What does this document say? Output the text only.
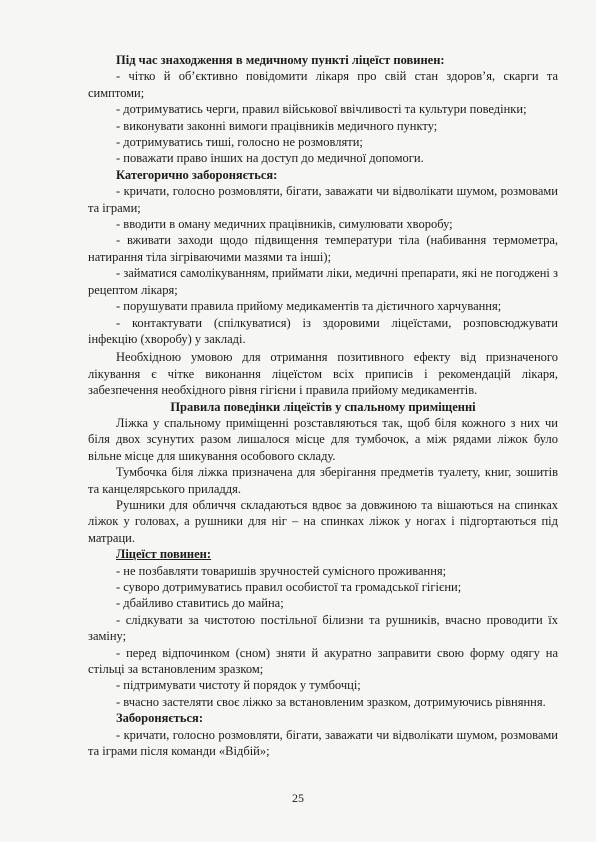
Під час знаходження в медичному пункті ліцеїст повинен:

- чітко й об’єктивно повідомити лікаря про свій стан здоров’я, скарги та симптоми;

- дотримуватись черги, правил військової ввічливості та культури поведінки;

- виконувати законні вимоги працівників медичного пункту;

- дотримуватись тиші, голосно не розмовляти;

- поважати право інших на доступ до медичної допомоги.

Категорично забороняється:

- кричати, голосно розмовляти, бігати, заважати чи відволікати шумом, розмовами та іграми;

- вводити в оману медичних працівників, симулювати хворобу;

- вживати заходи щодо підвищення температури тіла (набивання термометра, натирання тіла зігріваючими мазями та інші);

- займатися самолікуванням, приймати ліки, медичні препарати, які не погоджені з рецептом лікаря;

- порушувати правила прийому медикаментів та дієтичного харчування;

- контактувати (спілкуватися) із здоровими ліцеїстами, розповсюджувати інфекцію (хворобу) у закладі.

Необхідною умовою для отримання позитивного ефекту від призначеного лікування є чітке виконання ліцеїстом всіх приписів і рекомендацій лікаря, забезпечення необхідного рівня гігієни і правила прийому медикаментів.

Правила поведінки ліцеїстів у спальному приміщенні

Ліжка у спальному приміщенні розставляються так, щоб біля кожного з них чи біля двох зсунутих разом лишалося місце для тумбочок, а між рядами ліжок було вільне місце для шикування особового складу.

Тумбочка біля ліжка призначена для зберігання предметів туалету, книг, зошитів та канцелярського приладдя.

Рушники для обличчя складаються вдвоє за довжиною та вішаються на спинках ліжок у головах, а рушники для ніг – на спинках ліжок у ногах і підгортаються під матраци.

Ліцеїст повинен:

- не позбавляти товаришів зручностей сумісного проживання;

- суворо дотримуватись правил особистої та громадської гігієни;

- дбайливо ставитись до майна;

- слідкувати за чистотою постільної білизни та рушників, вчасно проводити їх заміну;

- перед відпочинком (сном) зняти й акуратно заправити свою форму одягу на стільці за встановленим зразком;

- підтримувати чистоту й порядок у тумбочці;

- вчасно застеляти своє ліжко за встановленим зразком, дотримуючись рівняння.

Забороняється:

- кричати, голосно розмовляти, бігати, заважати чи відволікати шумом, розмовами та іграми після команди «Відбій»;

25
